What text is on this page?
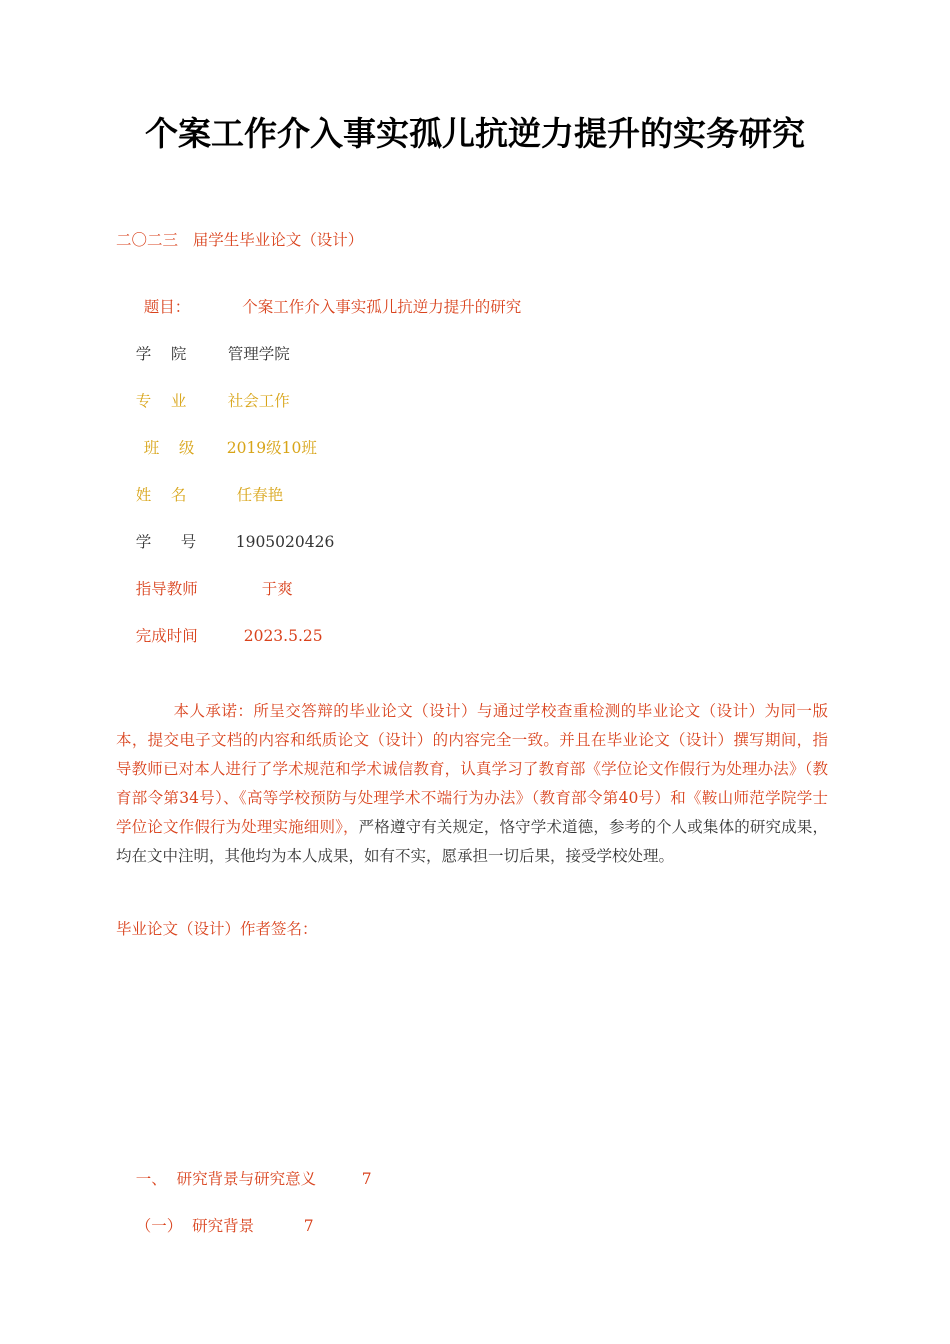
个案工作介入事实孤儿抗逆力提升的实务研究
二〇二三   届学生毕业论文（设计）

题目：	个案工作介入事实孤儿抗逆力提升的研究

学    院	管理学院

专    业	社会工作

班    级 2019级10班

姓    名	任春艳

学      号	1905020426

指导教师	于爽

完成时间	2023.5.25

本人承诺：所呈交答辩的毕业论文（设计）与通过学校查重检测的毕业论文（设计）为同一版本，提交电子文档的内容和纸质论文（设计）的内容完全一致。并且在毕业论文（设计）撰写期间，指导教师已对本人进行了学术规范和学术诚信教育，认真学习了教育部《学位论文作假行为处理办法》（教育部令第34号）、《高等学校预防与处理学术不端行为办法》（教育部令第40号）和《鞍山师范学院学士学位论文作假行为处理实施细则》，严格遵守有关规定，恪守学术道德，参考的个人或集体的研究成果，均在文中注明，其他均为本人成果，如有不实，愿承担一切后果，接受学校处理。
毕业论文（设计）作者签名：

一、  研究背景与研究意义	7

（一）  研究背景	7
